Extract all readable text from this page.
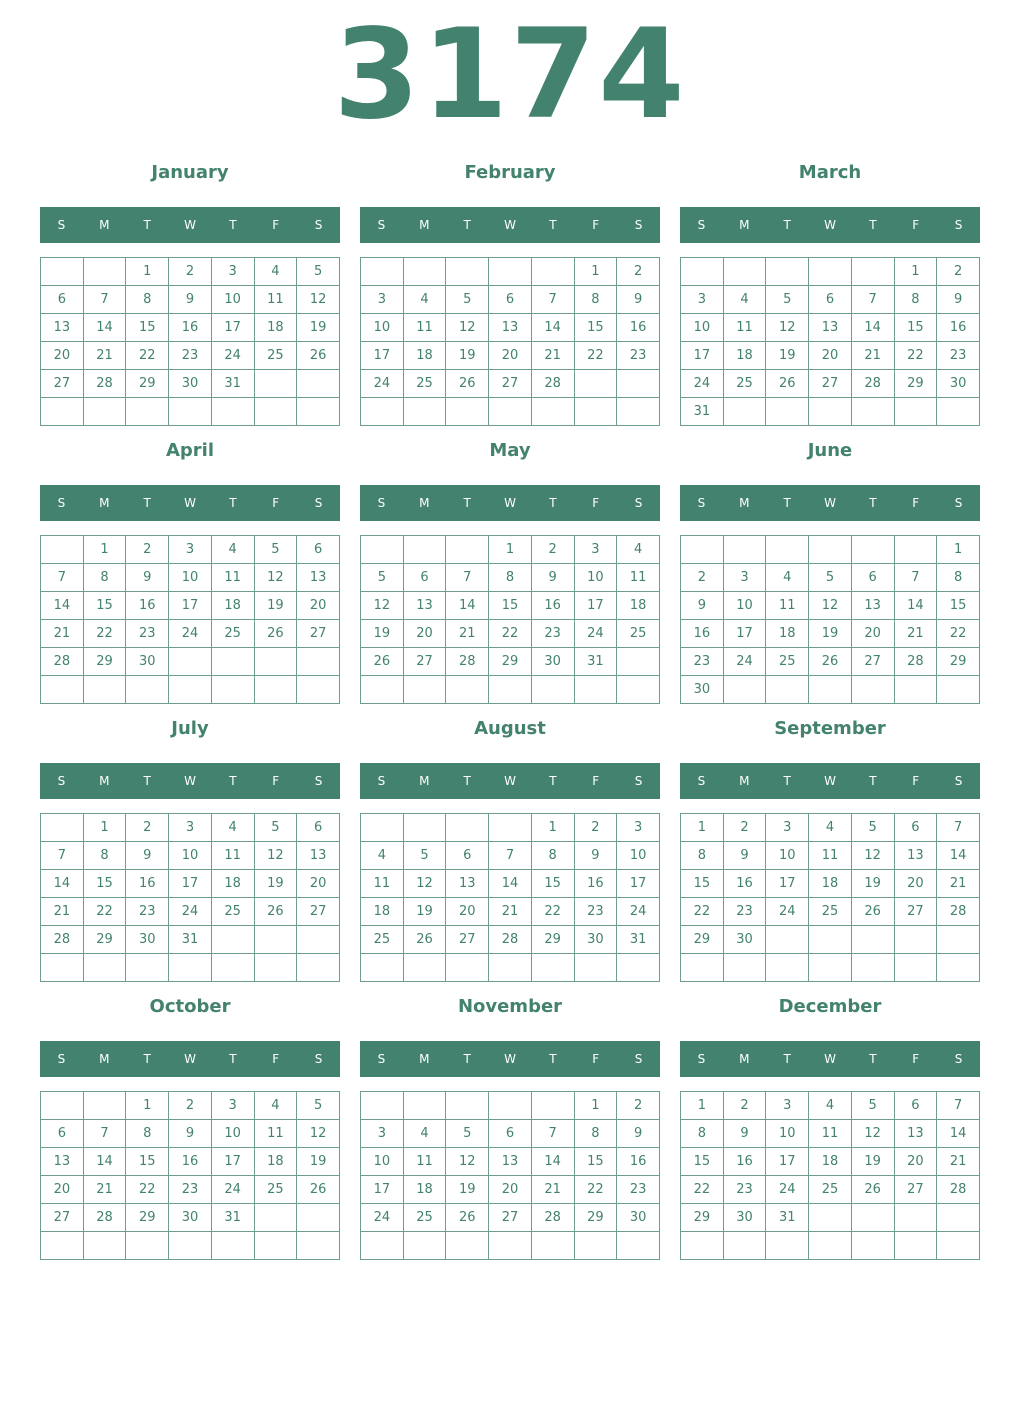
3174
January
S	M	T	W	T	F	S
		1	2	3	4	5
6	7	8	9	10	11	12
13	14	15	16	17	18	19
20	21	22	23	24	25	26
27	28	29	30	31		

February
S	M	T	W	T	F	S
					1	2
3	4	5	6	7	8	9
10	11	12	13	14	15	16
17	18	19	20	21	22	23
24	25	26	27	28		

March
S	M	T	W	T	F	S
					1	2
3	4	5	6	7	8	9
10	11	12	13	14	15	16
17	18	19	20	21	22	23
24	25	26	27	28	29	30
31						
April
S	M	T	W	T	F	S
	1	2	3	4	5	6
7	8	9	10	11	12	13
14	15	16	17	18	19	20
21	22	23	24	25	26	27
28	29	30				

May
S	M	T	W	T	F	S
			1	2	3	4
5	6	7	8	9	10	11
12	13	14	15	16	17	18
19	20	21	22	23	24	25
26	27	28	29	30	31	

June
S	M	T	W	T	F	S
						1
2	3	4	5	6	7	8
9	10	11	12	13	14	15
16	17	18	19	20	21	22
23	24	25	26	27	28	29
30						
July
S	M	T	W	T	F	S
	1	2	3	4	5	6
7	8	9	10	11	12	13
14	15	16	17	18	19	20
21	22	23	24	25	26	27
28	29	30	31			

August
S	M	T	W	T	F	S
				1	2	3
4	5	6	7	8	9	10
11	12	13	14	15	16	17
18	19	20	21	22	23	24
25	26	27	28	29	30	31

September
S	M	T	W	T	F	S
1	2	3	4	5	6	7
8	9	10	11	12	13	14
15	16	17	18	19	20	21
22	23	24	25	26	27	28
29	30					

October
S	M	T	W	T	F	S
		1	2	3	4	5
6	7	8	9	10	11	12
13	14	15	16	17	18	19
20	21	22	23	24	25	26
27	28	29	30	31		

November
S	M	T	W	T	F	S
					1	2
3	4	5	6	7	8	9
10	11	12	13	14	15	16
17	18	19	20	21	22	23
24	25	26	27	28	29	30

December
S	M	T	W	T	F	S
1	2	3	4	5	6	7
8	9	10	11	12	13	14
15	16	17	18	19	20	21
22	23	24	25	26	27	28
29	30	31				
